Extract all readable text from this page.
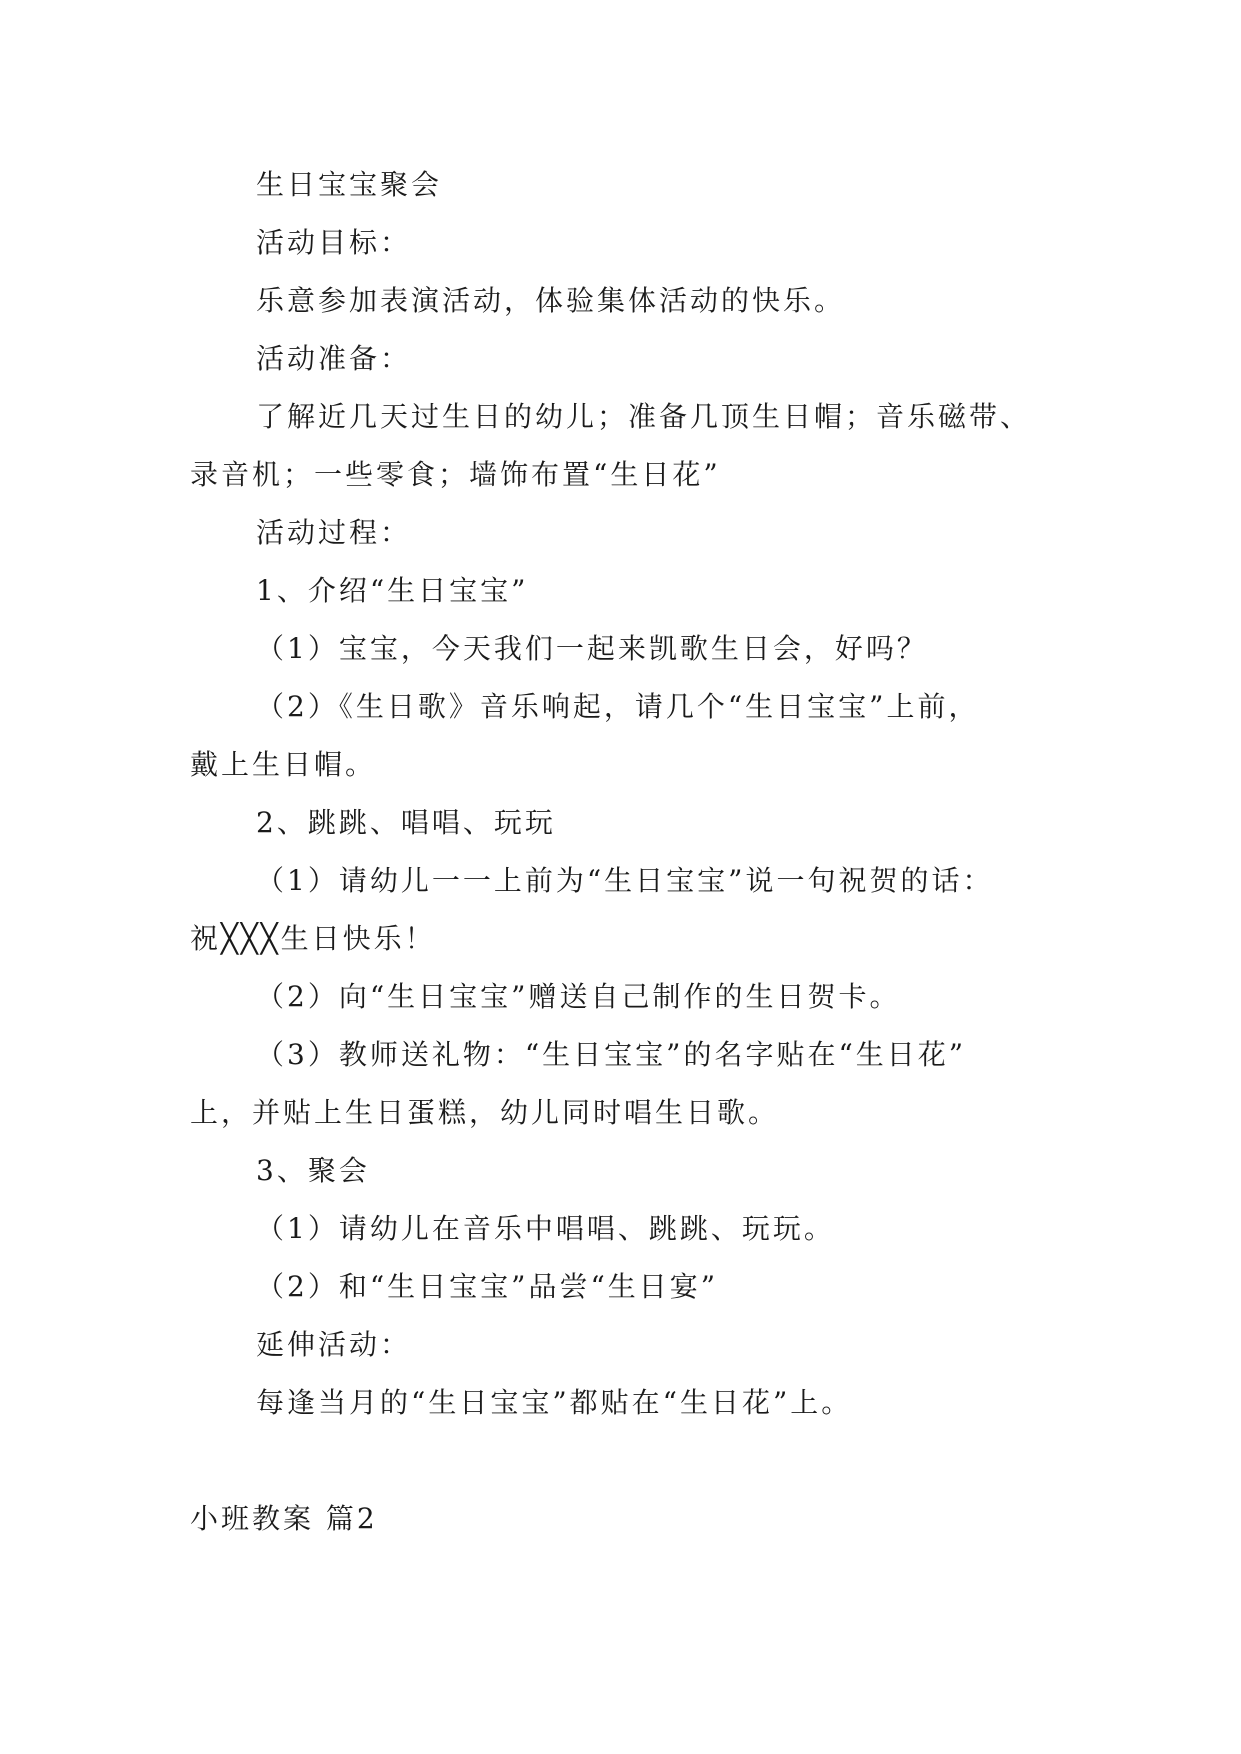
生日宝宝聚会

活动目标：

乐意参加表演活动，体验集体活动的快乐。

活动准备：

了解近几天过生日的幼儿；准备几顶生日帽；音乐磁带、

录音机；一些零食；墙饰布置“生日花”

活动过程：

1、介绍“生日宝宝”

（1）宝宝，今天我们一起来凯歌生日会，好吗？

（2）《生日歌》音乐响起，请几个“生日宝宝”上前，

戴上生日帽。

2、跳跳、唱唱、玩玩

（1）请幼儿一一上前为“生日宝宝”说一句祝贺的话：

祝╳╳╳生日快乐！

（2）向“生日宝宝”赠送自己制作的生日贺卡。

（3）教师送礼物：“生日宝宝”的名字贴在“生日花”

上，并贴上生日蛋糕，幼儿同时唱生日歌。

3、聚会

（1）请幼儿在音乐中唱唱、跳跳、玩玩。

（2）和“生日宝宝”品尝“生日宴”

延伸活动：

每逢当月的“生日宝宝”都贴在“生日花”上。

小班教案 篇2
